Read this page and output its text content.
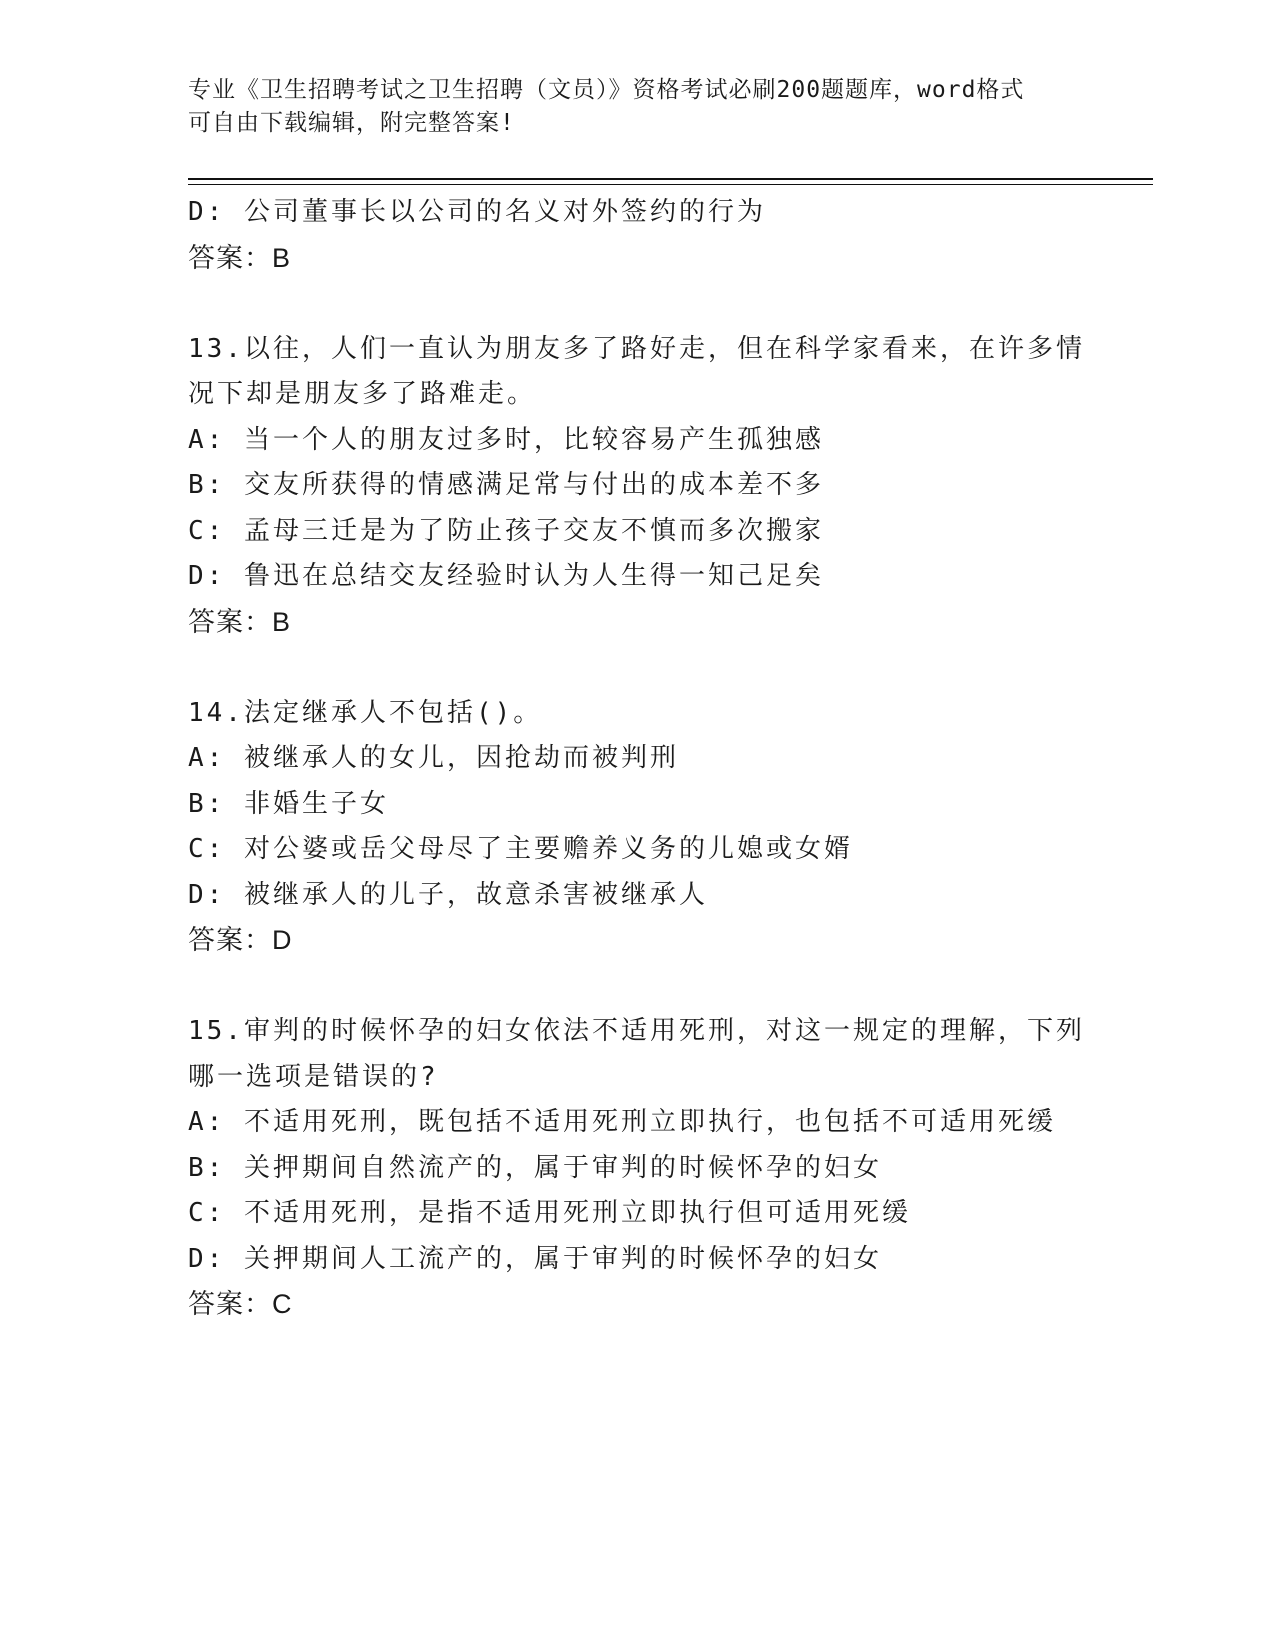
专业《卫生招聘考试之卫生招聘（文员）》资格考试必刷200题题库，word格式
可自由下载编辑，附完整答案!
D: 公司董事长以公司的名义对外签约的行为
答案：B
13.以往，人们一直认为朋友多了路好走，但在科学家看来，在许多情
况下却是朋友多了路难走。
A: 当一个人的朋友过多时，比较容易产生孤独感
B: 交友所获得的情感满足常与付出的成本差不多
C: 孟母三迁是为了防止孩子交友不慎而多次搬家
D: 鲁迅在总结交友经验时认为人生得一知己足矣
答案：B
14.法定继承人不包括()。
A: 被继承人的女儿，因抢劫而被判刑
B: 非婚生子女
C: 对公婆或岳父母尽了主要赡养义务的儿媳或女婿
D: 被继承人的儿子，故意杀害被继承人
答案：D
15.审判的时候怀孕的妇女依法不适用死刑，对这一规定的理解，下列
哪一选项是错误的?
A: 不适用死刑，既包括不适用死刑立即执行，也包括不可适用死缓
B: 关押期间自然流产的，属于审判的时候怀孕的妇女
C: 不适用死刑，是指不适用死刑立即执行但可适用死缓
D: 关押期间人工流产的，属于审判的时候怀孕的妇女
答案：C
